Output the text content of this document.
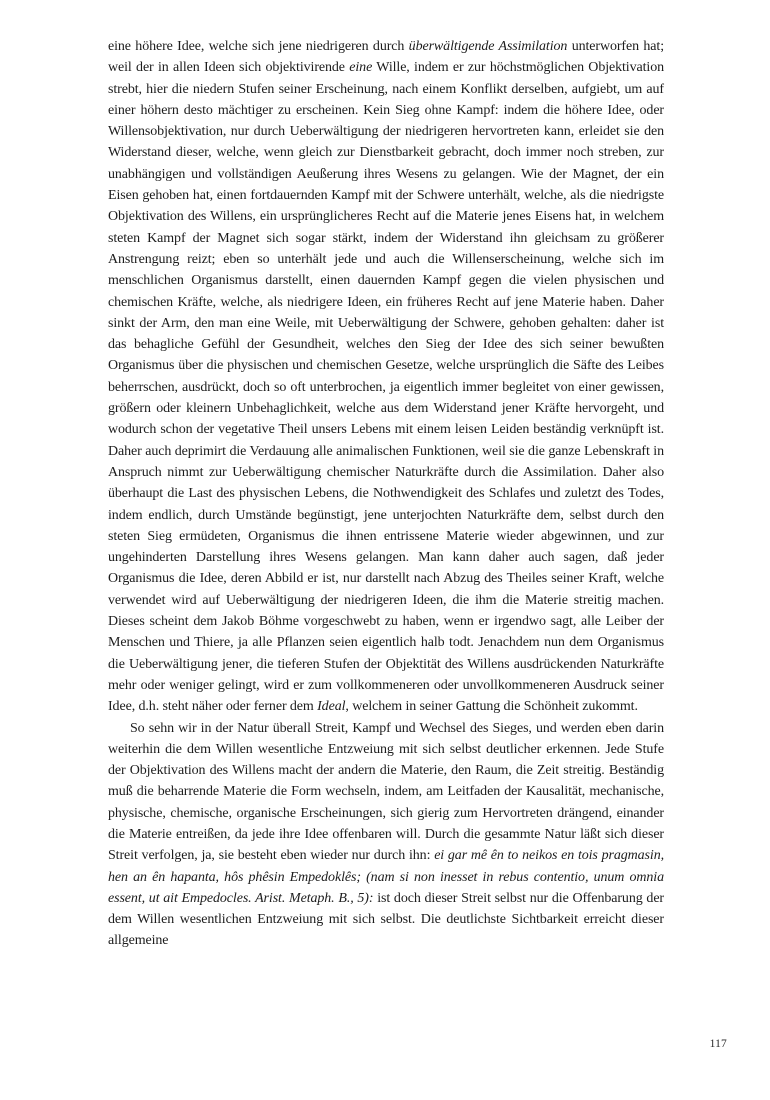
eine höhere Idee, welche sich jene niedrigeren durch überwältigende Assimilation unterworfen hat; weil der in allen Ideen sich objektivirende eine Wille, indem er zur höchstmöglichen Objektivation strebt, hier die niedern Stufen seiner Erscheinung, nach einem Konflikt derselben, aufgiebt, um auf einer höhern desto mächtiger zu erscheinen. Kein Sieg ohne Kampf: indem die höhere Idee, oder Willensobjektivation, nur durch Ueberwältigung der niedrigeren hervortreten kann, erleidet sie den Widerstand dieser, welche, wenn gleich zur Dienstbarkeit gebracht, doch immer noch streben, zur unabhängigen und vollständigen Aeußerung ihres Wesens zu gelangen. Wie der Magnet, der ein Eisen gehoben hat, einen fortdauernden Kampf mit der Schwere unterhält, welche, als die niedrigste Objektivation des Willens, ein ursprünglicheres Recht auf die Materie jenes Eisens hat, in welchem steten Kampf der Magnet sich sogar stärkt, indem der Widerstand ihn gleichsam zu größerer Anstrengung reizt; eben so unterhält jede und auch die Willenserscheinung, welche sich im menschlichen Organismus darstellt, einen dauernden Kampf gegen die vielen physischen und chemischen Kräfte, welche, als niedrigere Ideen, ein früheres Recht auf jene Materie haben. Daher sinkt der Arm, den man eine Weile, mit Ueberwältigung der Schwere, gehoben gehalten: daher ist das behagliche Gefühl der Gesundheit, welches den Sieg der Idee des sich seiner bewußten Organismus über die physischen und chemischen Gesetze, welche ursprünglich die Säfte des Leibes beherrschen, ausdrückt, doch so oft unterbrochen, ja eigentlich immer begleitet von einer gewissen, größern oder kleinern Unbehaglichkeit, welche aus dem Widerstand jener Kräfte hervorgeht, und wodurch schon der vegetative Theil unsers Lebens mit einem leisen Leiden beständig verknüpft ist. Daher auch deprimirt die Verdauung alle animalischen Funktionen, weil sie die ganze Lebenskraft in Anspruch nimmt zur Ueberwältigung chemischer Naturkräfte durch die Assimilation. Daher also überhaupt die Last des physischen Lebens, die Nothwendigkeit des Schlafes und zuletzt des Todes, indem endlich, durch Umstände begünstigt, jene unterjochten Naturkräfte dem, selbst durch den steten Sieg ermüdeten, Organismus die ihnen entrissene Materie wieder abgewinnen, und zur ungehinderten Darstellung ihres Wesens gelangen. Man kann daher auch sagen, daß jeder Organismus die Idee, deren Abbild er ist, nur darstellt nach Abzug des Theiles seiner Kraft, welche verwendet wird auf Ueberwältigung der niedrigeren Ideen, die ihm die Materie streitig machen. Dieses scheint dem Jakob Böhme vorgeschwebt zu haben, wenn er irgendwo sagt, alle Leiber der Menschen und Thiere, ja alle Pflanzen seien eigentlich halb todt. Jenachdem nun dem Organismus die Ueberwältigung jener, die tieferen Stufen der Objektität des Willens ausdrückenden Naturkräfte mehr oder weniger gelingt, wird er zum vollkommeneren oder unvollkommeneren Ausdruck seiner Idee, d.h. steht näher oder ferner dem Ideal, welchem in seiner Gattung die Schönheit zukommt.

So sehn wir in der Natur überall Streit, Kampf und Wechsel des Sieges, und werden eben darin weiterhin die dem Willen wesentliche Entzweiung mit sich selbst deutlicher erkennen. Jede Stufe der Objektivation des Willens macht der andern die Materie, den Raum, die Zeit streitig. Beständig muß die beharrende Materie die Form wechseln, indem, am Leitfaden der Kausalität, mechanische, physische, chemische, organische Erscheinungen, sich gierig zum Hervortreten drängend, einander die Materie entreißen, da jede ihre Idee offenbaren will. Durch die gesammte Natur läßt sich dieser Streit verfolgen, ja, sie besteht eben wieder nur durch ihn: ei gar mê ên to neikos en tois pragmasin, hen an ên hapanta, hôs phêsin Empedoklês; (nam si non inesset in rebus contentio, unum omnia essent, ut ait Empedocles. Arist. Metaph. B., 5): ist doch dieser Streit selbst nur die Offenbarung der dem Willen wesentlichen Entzweiung mit sich selbst. Die deutlichste Sichtbarkeit erreicht dieser allgemeine

117
